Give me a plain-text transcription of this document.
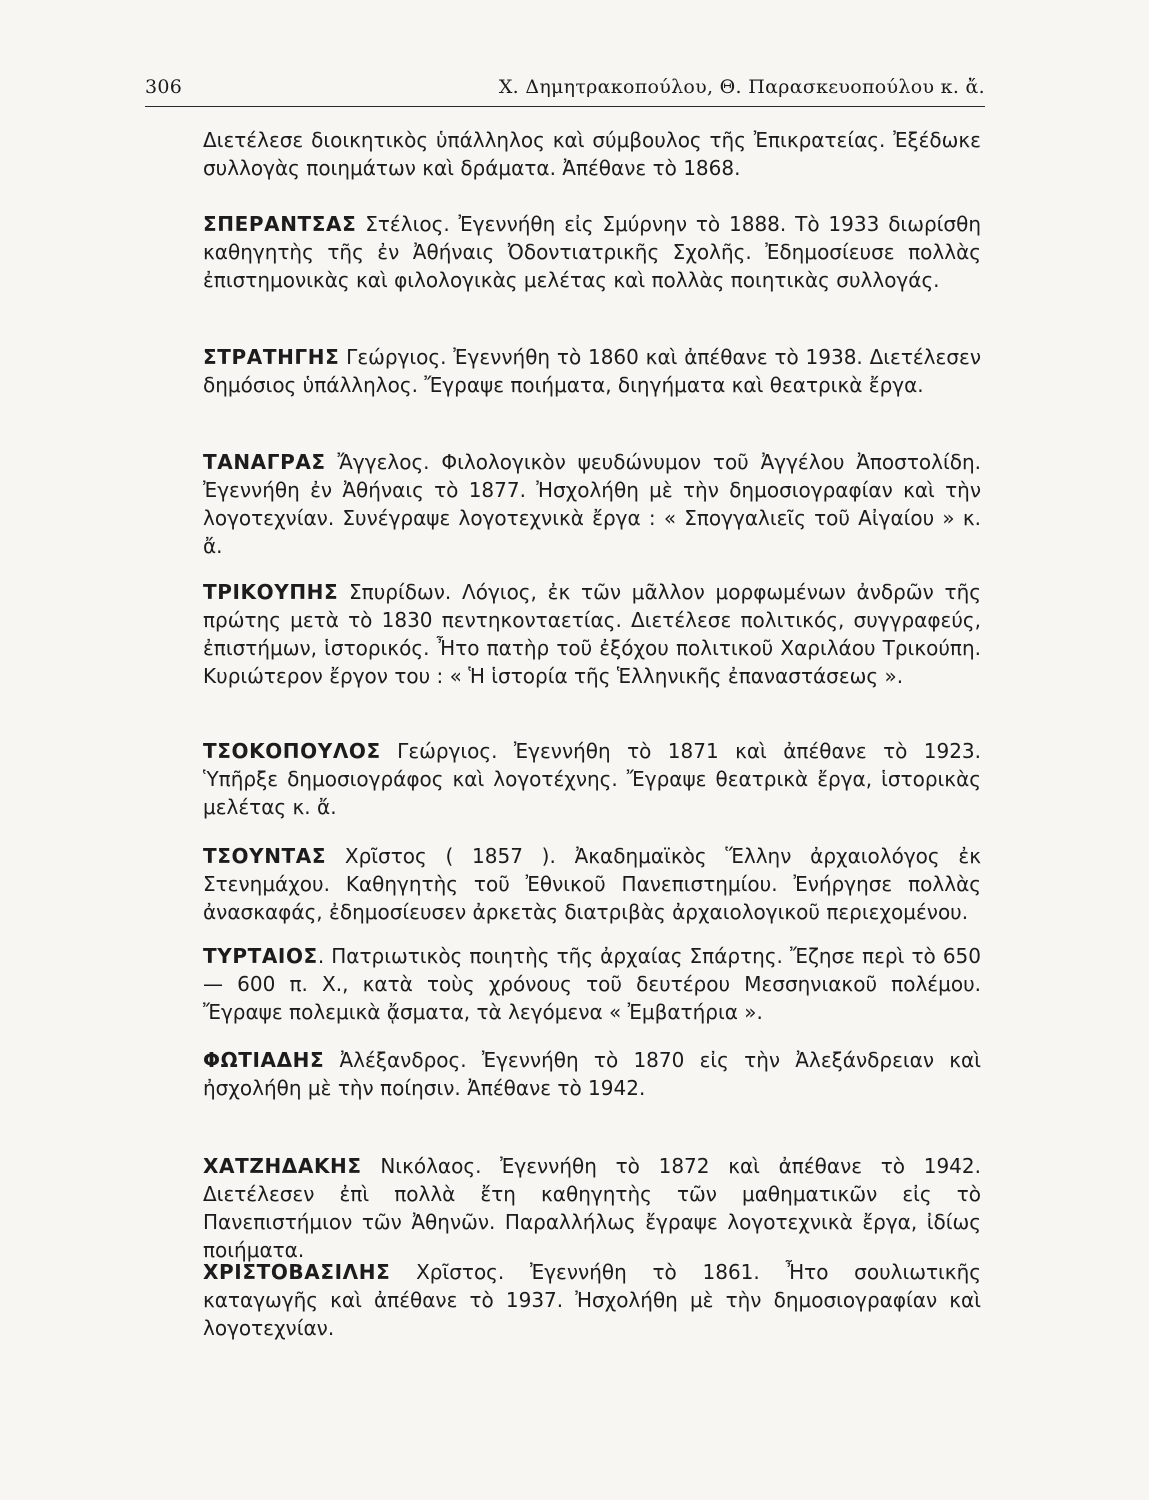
306	Χ. Δημητρακοπούλου, Θ. Παρασκευοπούλου κ. ἄ.

Διετέλεσε διοικητικὸς ὑπάλληλος καὶ σύμβουλος τῆς Ἐπικρατείας. Ἐξέδωκε συλλογὰς ποιημάτων καὶ δράματα. Ἀπέθανε τὸ 1868.

ΣΠΕΡΑΝΤΣΑΣ Στέλιος. Ἐγεννήθη εἰς Σμύρνην τὸ 1888. Τὸ 1933 διωρίσθη καθηγητὴς τῆς ἐν Ἀθήναις Ὀδοντιατρικῆς Σχολῆς. Ἐδημοσίευσε πολλὰς ἐπιστημονικὰς καὶ φιλολογικὰς μελέτας καὶ πολλὰς ποιητικὰς συλλογάς.

ΣΤΡΑΤΗΓΗΣ Γεώργιος. Ἐγεννήθη τὸ 1860 καὶ ἀπέθανε τὸ 1938. Διετέλεσεν δημόσιος ὑπάλληλος. Ἔγραψε ποιήματα, διηγήματα καὶ θεατρικὰ ἔργα.

ΤΑΝΑΓΡΑΣ Ἄγγελος. Φιλολογικὸν ψευδώνυμον τοῦ Ἀγγέλου Ἀποστολίδη. Ἐγεννήθη ἐν Ἀθήναις τὸ 1877. Ἠσχολήθη μὲ τὴν δημοσιογραφίαν καὶ τὴν λογοτεχνίαν. Συνέγραψε λογοτεχνικὰ ἔργα : « Σπογγαλιεῖς τοῦ Αἰγαίου » κ. ἄ.

ΤΡΙΚΟΥΠΗΣ Σπυρίδων. Λόγιος, ἐκ τῶν μᾶλλον μορφωμένων ἀνδρῶν τῆς πρώτης μετὰ τὸ 1830 πεντηκονταετίας. Διετέλεσε πολιτικός, συγγραφεύς, ἐπιστήμων, ἱστορικός. Ἦτο πατὴρ τοῦ ἐξόχου πολιτικοῦ Χαριλάου Τρικούπη. Κυριώτερον ἔργον του : « Ἡ ἱστορία τῆς Ἑλληνικῆς ἐπαναστάσεως ».

ΤΣΟΚΟΠΟΥΛΟΣ Γεώργιος. Ἐγεννήθη τὸ 1871 καὶ ἀπέθανε τὸ 1923. Ὑπῆρξε δημοσιογράφος καὶ λογοτέχνης. Ἔγραψε θεατρικὰ ἔργα, ἱστορικὰς μελέτας κ. ἄ.

ΤΣΟΥΝΤΑΣ Χρῖστος ( 1857 ). Ἀκαδημαϊκὸς Ἕλλην ἀρχαιολόγος ἐκ Στενημάχου. Καθηγητὴς τοῦ Ἐθνικοῦ Πανεπιστημίου. Ἐνήργησε πολλὰς ἀνασκαφάς, ἐδημοσίευσεν ἀρκετὰς διατριβὰς ἀρχαιολογικοῦ περιεχομένου.

ΤΥΡΤΑΙΟΣ. Πατριωτικὸς ποιητὴς τῆς ἀρχαίας Σπάρτης. Ἔζησε περὶ τὸ 650 — 600 π. Χ., κατὰ τοὺς χρόνους τοῦ δευτέρου Μεσσηνιακοῦ πολέμου. Ἔγραψε πολεμικὰ ᾄσματα, τὰ λεγόμενα « Ἐμβατήρια ».

ΦΩΤΙΑΔΗΣ Ἀλέξανδρος. Ἐγεννήθη τὸ 1870 εἰς τὴν Ἀλεξάνδρειαν καὶ ἠσχολήθη μὲ τὴν ποίησιν. Ἀπέθανε τὸ 1942.

ΧΑΤΖΗΔΑΚΗΣ Νικόλαος. Ἐγεννήθη τὸ 1872 καὶ ἀπέθανε τὸ 1942. Διετέλεσεν ἐπὶ πολλὰ ἔτη καθηγητὴς τῶν μαθηματικῶν εἰς τὸ Πανεπιστήμιον τῶν Ἀθηνῶν. Παραλλήλως ἔγραψε λογοτεχνικὰ ἔργα, ἰδίως ποιήματα.

ΧΡΙΣΤΟΒΑΣΙΛΗΣ Χρῖστος. Ἐγεννήθη τὸ 1861. Ἦτο σουλιωτικῆς καταγωγῆς καὶ ἀπέθανε τὸ 1937. Ἠσχολήθη μὲ τὴν δημοσιογραφίαν καὶ λογοτεχνίαν.
